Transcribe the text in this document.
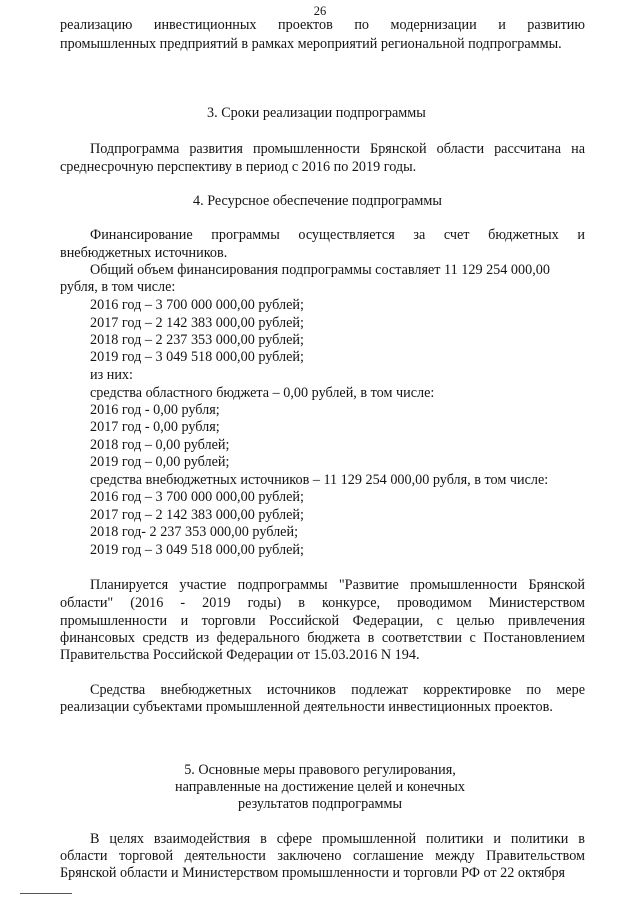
26

реализацию инвестиционных проектов по модернизации и развитию

промышленных предприятий в рамках мероприятий региональной подпрограммы.

3. Сроки реализации подпрограммы

Подпрограмма развития промышленности Брянской области рассчитана на

среднесрочную перспективу в период с 2016 по 2019 годы.

4. Ресурсное обеспечение подпрограммы

Финансирование программы осуществляется за счет бюджетных и

внебюджетных источников.

Общий объем финансирования подпрограммы составляет 11 129 254 000,00

рубля, в том числе:

2016 год – 3 700 000 000,00 рублей;

2017 год – 2 142 383 000,00 рублей;

2018 год – 2 237 353 000,00 рублей;

2019 год – 3 049 518 000,00 рублей;

из них:

средства областного бюджета – 0,00 рублей, в том числе:

2016 год - 0,00 рубля;

2017 год - 0,00 рубля;

2018 год – 0,00 рублей;

2019 год – 0,00 рублей;

средства внебюджетных источников – 11 129 254 000,00 рубля, в том числе:

2016 год – 3 700 000 000,00 рублей;

2017 год – 2 142 383 000,00 рублей;

2018 год- 2 237 353 000,00 рублей;

2019 год – 3 049 518 000,00 рублей;

Планируется участие подпрограммы "Развитие промышленности Брянской

области" (2016 - 2019 годы) в конкурсе, проводимом Министерством

промышленности и торговли Российской Федерации, с целью привлечения

финансовых средств из федерального бюджета в соответствии с Постановлением

Правительства Российской Федерации от 15.03.2016 N 194.

Средства внебюджетных источников подлежат корректировке по мере

реализации субъектами промышленной деятельности инвестиционных проектов.

5. Основные меры правового регулирования,

направленные на достижение целей и конечных

результатов подпрограммы

В целях взаимодействия в сфере промышленной политики и политики в

области торговой деятельности заключено соглашение между Правительством

Брянской области и Министерством промышленности и торговли РФ от 22 октября
